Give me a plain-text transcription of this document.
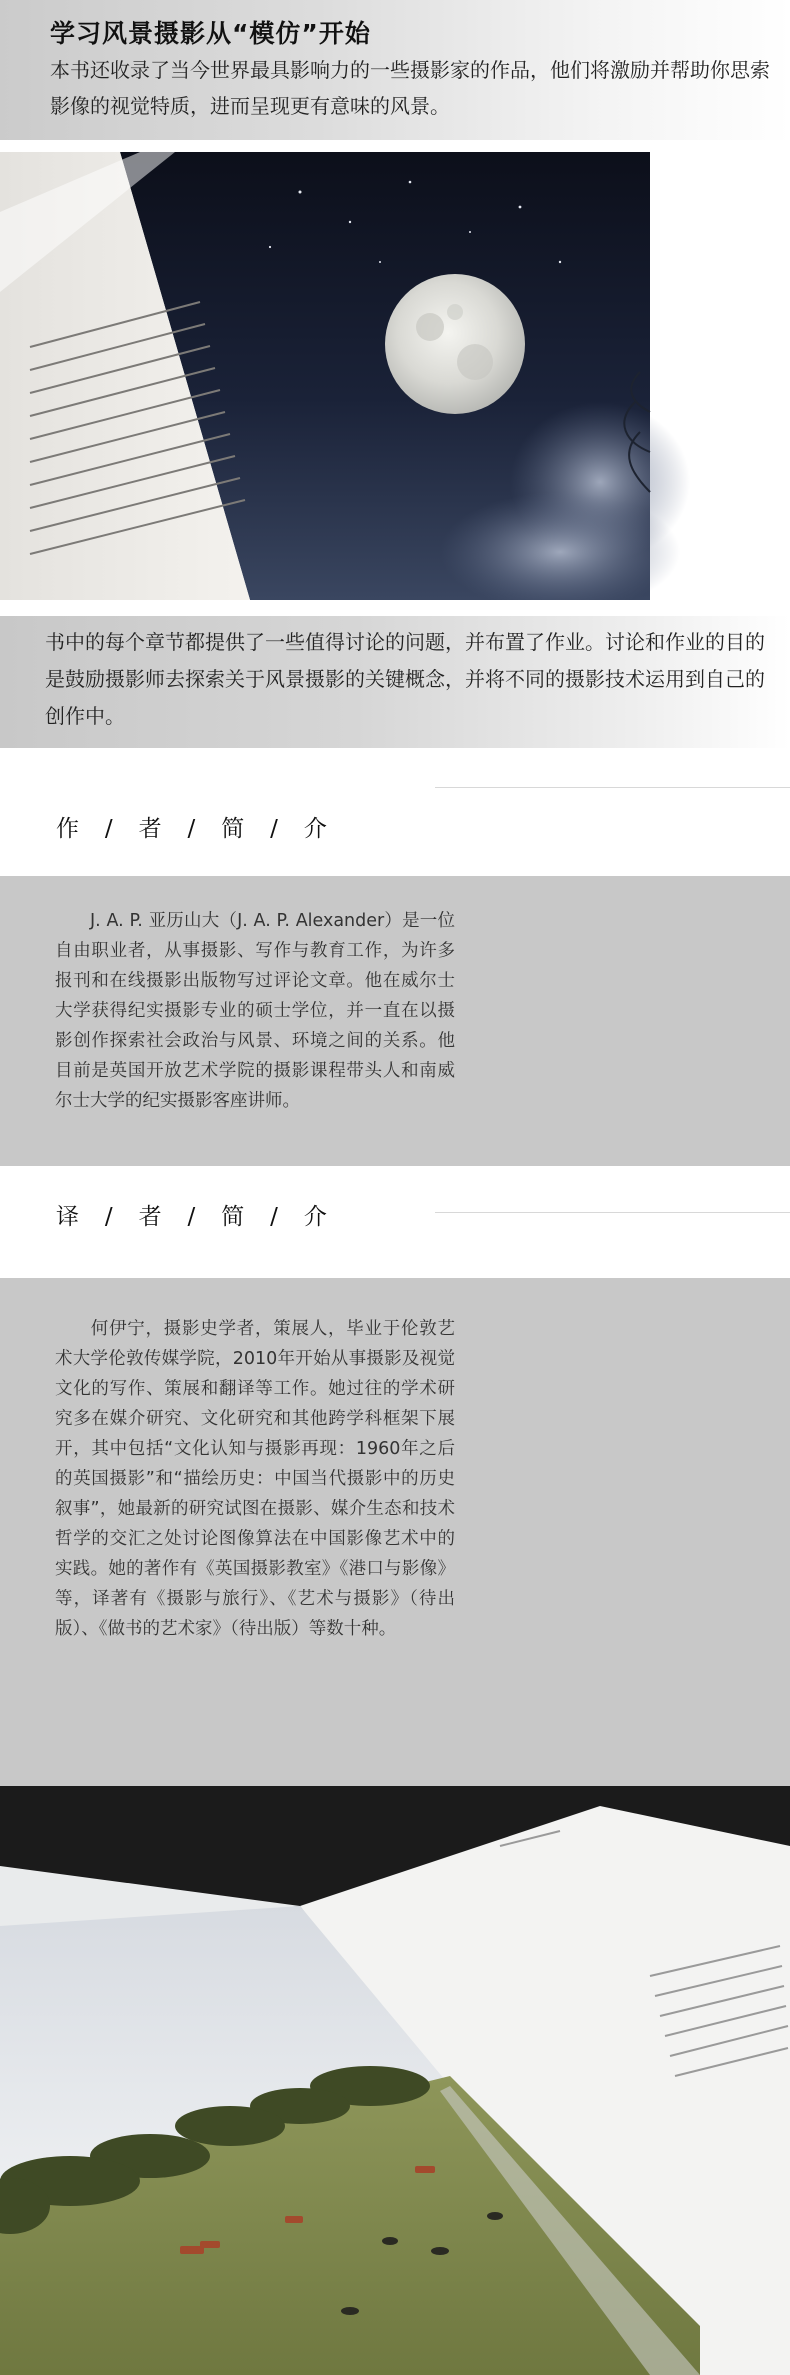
学习风景摄影从“模仿”开始
本书还收录了当今世界最具影响力的一些摄影家的作品，他们将激励并帮助你思索影像的视觉特质，进而呈现更有意味的风景。
书中的每个章节都提供了一些值得讨论的问题，并布置了作业。讨论和作业的目的是鼓励摄影师去探索关于风景摄影的关键概念，并将不同的摄影技术运用到自己的创作中。
作   /   者   /   简   /   介
  J. A. P. 亚历山大（J. A. P. Alexander）是一位自由职业者，从事摄影、写作与教育工作，为许多报刊和在线摄影出版物写过评论文章。他在威尔士大学获得纪实摄影专业的硕士学位，并一直在以摄影创作探索社会政治与风景、环境之间的关系。他目前是英国开放艺术学院的摄影课程带头人和南威尔士大学的纪实摄影客座讲师。
译   /   者   /   简   /   介
  何伊宁，摄影史学者，策展人，毕业于伦敦艺术大学伦敦传媒学院，2010年开始从事摄影及视觉文化的写作、策展和翻译等工作。她过往的学术研究多在媒介研究、文化研究和其他跨学科框架下展开，其中包括“文化认知与摄影再现：1960年之后的英国摄影”和“描绘历史：中国当代摄影中的历史叙事”，她最新的研究试图在摄影、媒介生态和技术哲学的交汇之处讨论图像算法在中国影像艺术中的实践。她的著作有《英国摄影教室》《港口与影像》等，译著有《摄影与旅行》、《艺术与摄影》（待出版）、《做书的艺术家》（待出版）等数十种。
